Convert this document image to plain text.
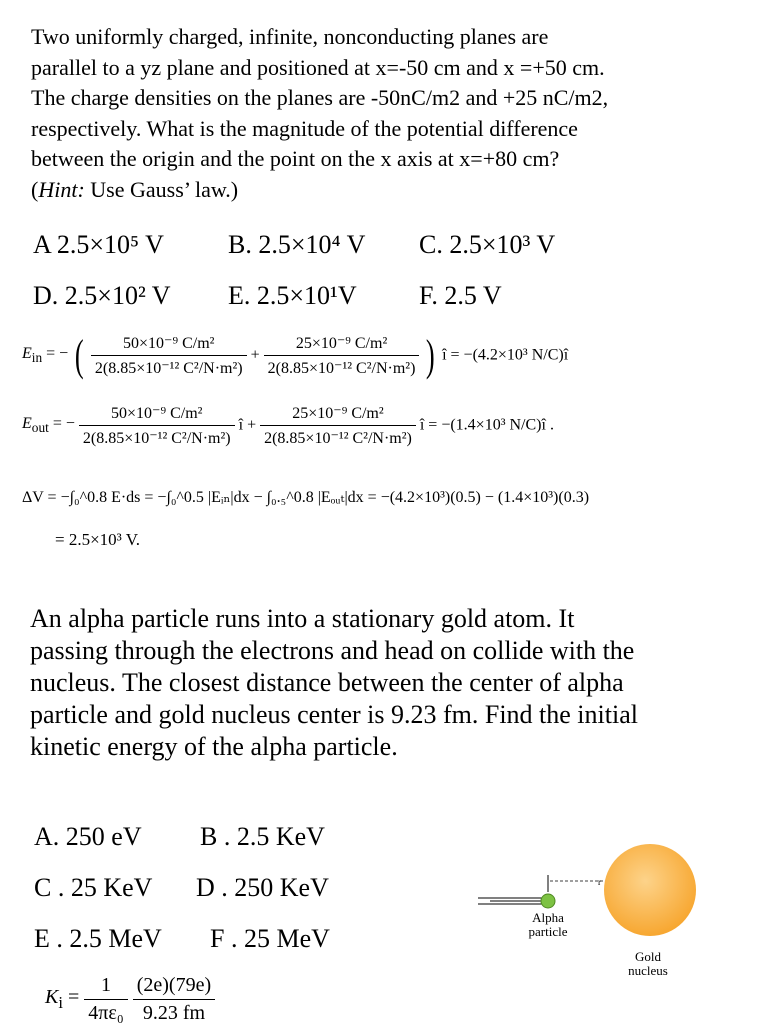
Two uniformly charged, infinite, nonconducting planes are

parallel to a yz plane and positioned at x=-50 cm and x =+50 cm.

The charge densities on the planes are -50nC/m2 and +25 nC/m2,

respectively. What is the magnitude of the potential difference

between the origin and the point on the x axis at x=+80 cm?

(Hint: Use Gauss’ law.)

A 2.5×10⁵ V B. 2.5×10⁴ V C. 2.5×10³ V
D. 2.5×10² V E. 2.5×10¹V F. 2.5 V
$E_{in}$ = − ( $\frac{\text{50×10⁻⁹ C/m²}}{\text{2(8.85×10⁻¹² C²/N·m²)}} + \frac{\text{25×10⁻⁹ C/m²}}{\text{2(8.85×10⁻¹² C²/N·m²)}}$ ) î = −(4.2×10³ N/C)î
$E_{out}$ = − $\frac{\text{50×10⁻⁹ C/m²}}{\text{2(8.85×10⁻¹² C²/N·m²)}}$ î + $\frac{\text{25×10⁻⁹ C/m²}}{\text{2(8.85×10⁻¹² C²/N·m²)}}$ î = −(1.4×10³ N/C)î .
ΔV = −∫₀^0.8 E·ds = −∫₀^0.5 |Eᵢₙ|dx − ∫₀.₅^0.8 |Eₒᵤₜ|dx = −(4.2×10³)(0.5) − (1.4×10³)(0.3)
= 2.5×10³ V.

An alpha particle runs into a stationary gold atom. It

passing through the electrons and head on collide with the

nucleus. The closest distance between the center of alpha

particle and gold nucleus center is 9.23 fm. Find the initial

kinetic energy of the alpha particle.

A. 250 eV B . 2.5 KeV
C . 25 KeV D . 250 KeV
E . 2.5 MeV F . 25 MeV
r
Alpha
particle
Gold
nucleus
$K_i = \frac{1}{\text{4πε₀}}$
$\frac{(2e)(79e)}{9.23 fm}$
